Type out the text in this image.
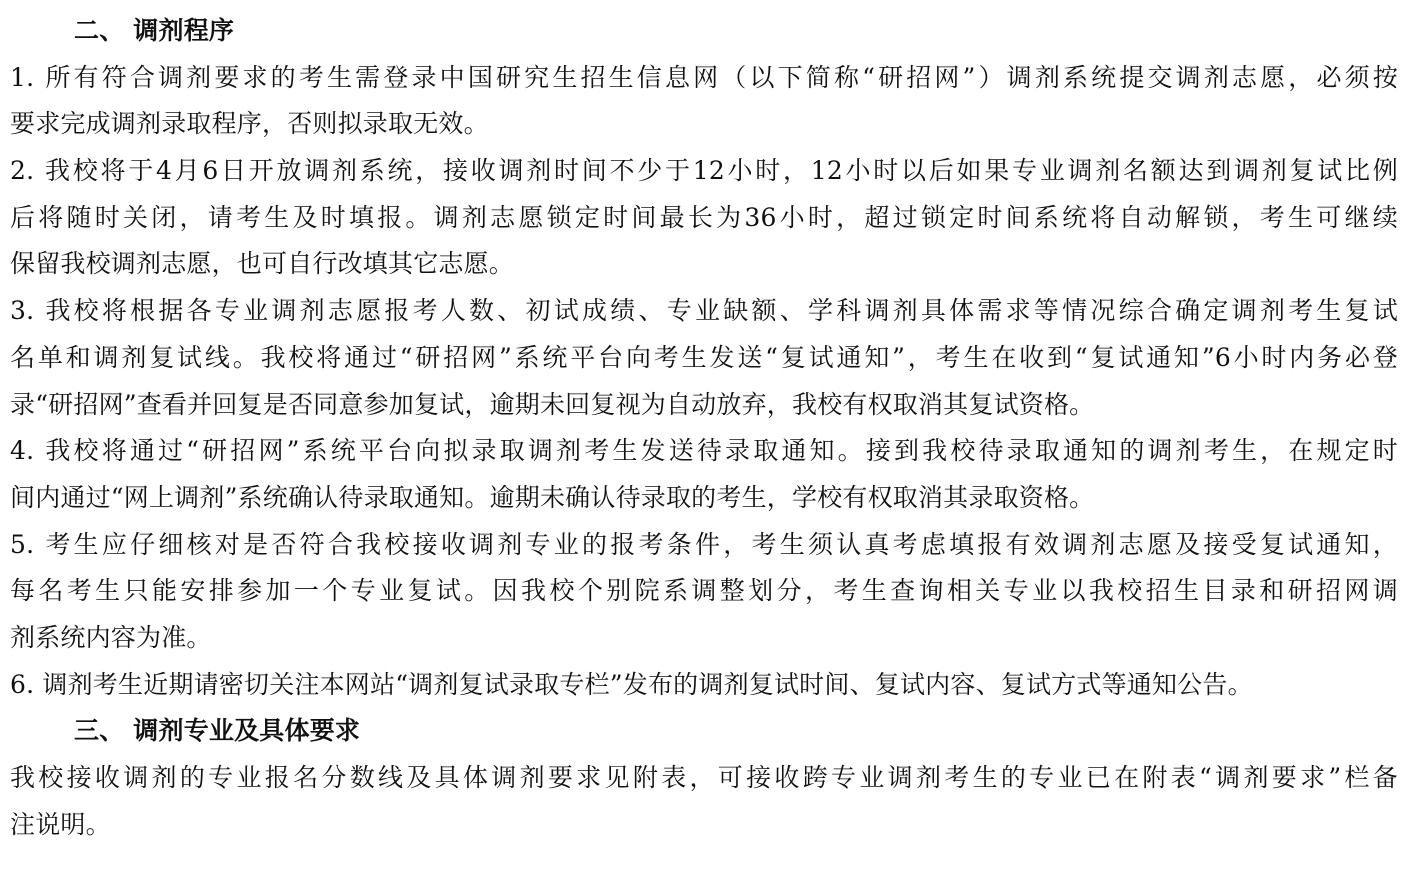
二、 调剂程序
1. 所有符合调剂要求的考生需登录中国研究生招生信息网（以下简称“研招网”）调剂系统提交调剂志愿，必须按
要求完成调剂录取程序，否则拟录取无效。
2. 我校将于4月6日开放调剂系统，接收调剂时间不少于12小时，12小时以后如果专业调剂名额达到调剂复试比例
后将随时关闭，请考生及时填报。调剂志愿锁定时间最长为36小时，超过锁定时间系统将自动解锁，考生可继续
保留我校调剂志愿，也可自行改填其它志愿。
3. 我校将根据各专业调剂志愿报考人数、初试成绩、专业缺额、学科调剂具体需求等情况综合确定调剂考生复试
名单和调剂复试线。我校将通过“研招网”系统平台向考生发送“复试通知”，考生在收到“复试通知”6小时内务必登
录“研招网”查看并回复是否同意参加复试，逾期未回复视为自动放弃，我校有权取消其复试资格。
4. 我校将通过“研招网”系统平台向拟录取调剂考生发送待录取通知。接到我校待录取通知的调剂考生，在规定时
间内通过“网上调剂”系统确认待录取通知。逾期未确认待录取的考生，学校有权取消其录取资格。
5. 考生应仔细核对是否符合我校接收调剂专业的报考条件，考生须认真考虑填报有效调剂志愿及接受复试通知，
每名考生只能安排参加一个专业复试。因我校个别院系调整划分，考生查询相关专业以我校招生目录和研招网调
剂系统内容为准。
6. 调剂考生近期请密切关注本网站“调剂复试录取专栏”发布的调剂复试时间、复试内容、复试方式等通知公告。
三、 调剂专业及具体要求
我校接收调剂的专业报名分数线及具体调剂要求见附表，可接收跨专业调剂考生的专业已在附表“调剂要求”栏备
注说明。
